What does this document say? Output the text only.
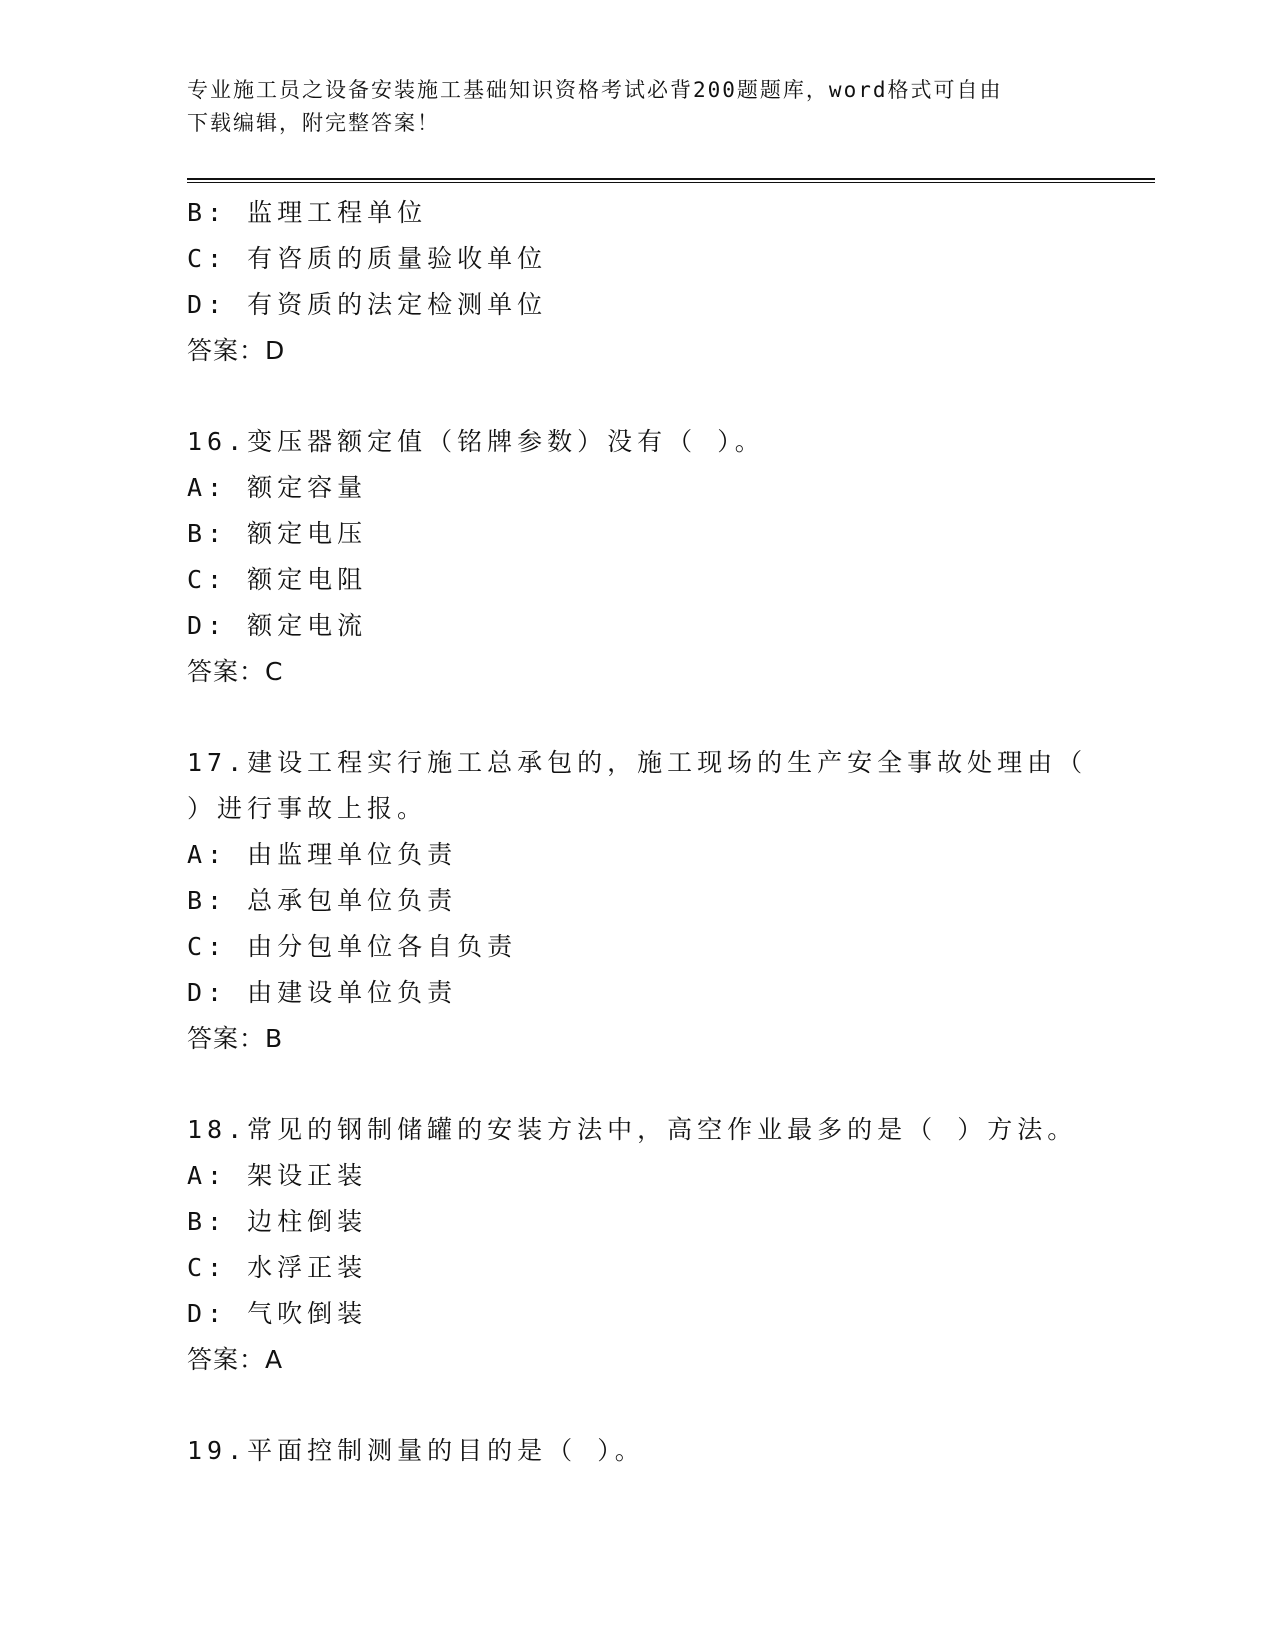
专业施工员之设备安装施工基础知识资格考试必背200题题库，word格式可自由
下载编辑，附完整答案！
B: 监理工程单位
C: 有咨质的质量验收单位
D: 有资质的法定检测单位
答案：D
16.变压器额定值（铭牌参数）没有（ ）。
A: 额定容量
B: 额定电压
C: 额定电阻
D: 额定电流
答案：C
17.建设工程实行施工总承包的，施工现场的生产安全事故处理由（
）进行事故上报。
A: 由监理单位负责
B: 总承包单位负责
C: 由分包单位各自负责
D: 由建设单位负责
答案：B
18.常见的钢制储罐的安装方法中，高空作业最多的是（ ）方法。
A: 架设正装
B: 边柱倒装
C: 水浮正装
D: 气吹倒装
答案：A
19.平面控制测量的目的是（ ）。
